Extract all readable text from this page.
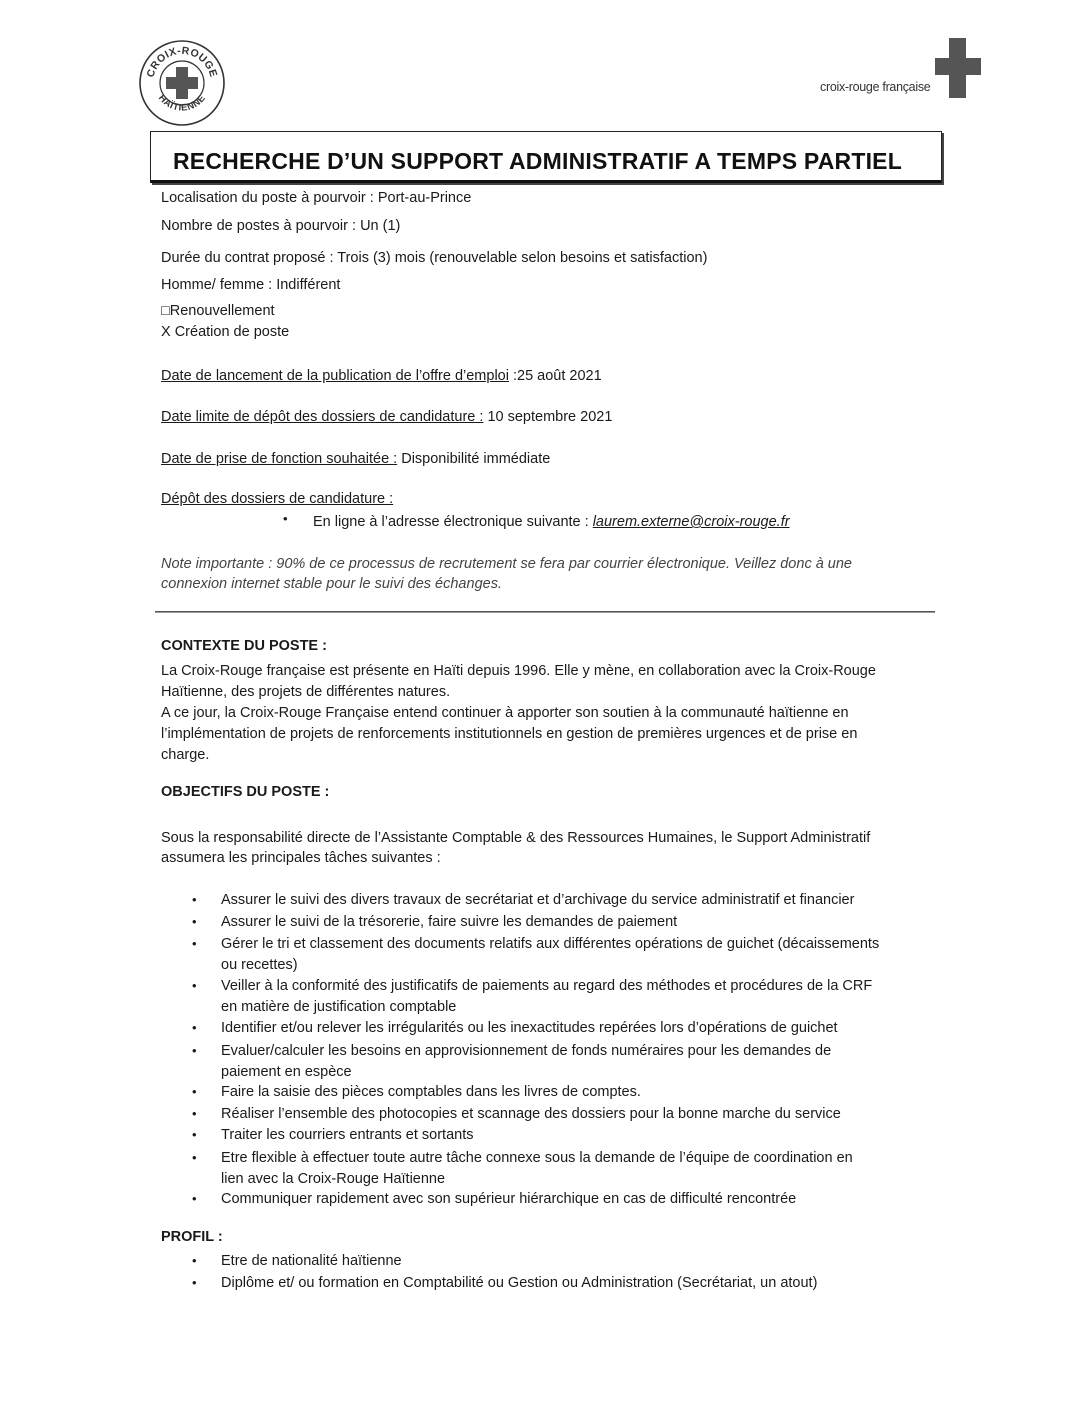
CROIX-ROUGE
HAÏTIENNE
croix-rouge française
RECHERCHE D’UN SUPPORT ADMINISTRATIF A TEMPS PARTIEL
Localisation du poste à pourvoir : Port-au-Prince
Nombre de postes à pourvoir : Un (1)
Durée du contrat proposé : Trois (3) mois (renouvelable selon besoins et satisfaction)
Homme/ femme : Indifférent
□Renouvellement
X Création de poste
Date de lancement de la publication de l’offre d’emploi :25 août 2021
Date limite de dépôt des dossiers de candidature : 10 septembre 2021
Date de prise de fonction souhaitée : Disponibilité immédiate
Dépôt des dossiers de candidature :
• En ligne à l’adresse électronique suivante : laurem.externe@croix-rouge.fr
Note importante : 90% de ce processus de recrutement se fera par courrier électronique. Veillez donc à une
connexion internet stable pour le suivi des échanges.
CONTEXTE DU POSTE :
La Croix-Rouge française est présente en Haïti depuis 1996. Elle y mène, en collaboration avec la Croix-Rouge
Haïtienne, des projets de différentes natures.
A ce jour, la Croix-Rouge Française entend continuer à apporter son soutien à la communauté haïtienne en
l’implémentation de projets de renforcements institutionnels en gestion de premières urgences et de prise en
charge.
OBJECTIFS DU POSTE :
Sous la responsabilité directe de l’Assistante Comptable & des Ressources Humaines, le Support Administratif
assumera les principales tâches suivantes :
• Assurer le suivi des divers travaux de secrétariat et d’archivage du service administratif et financier
• Assurer le suivi de la trésorerie, faire suivre les demandes de paiement
• Gérer le tri et classement des documents relatifs aux différentes opérations de guichet (décaissements
ou recettes)
• Veiller à la conformité des justificatifs de paiements au regard des méthodes et procédures de la CRF
en matière de justification comptable
• Identifier et/ou relever les irrégularités ou les inexactitudes repérées lors d’opérations de guichet
• Evaluer/calculer les besoins en approvisionnement de fonds numéraires pour les demandes de
paiement en espèce
• Faire la saisie des pièces comptables dans les livres de comptes.
• Réaliser l’ensemble des photocopies et scannage des dossiers pour la bonne marche du service
• Traiter les courriers entrants et sortants
• Etre flexible à effectuer toute autre tâche connexe sous la demande de l’équipe de coordination en
lien avec la Croix-Rouge Haïtienne
• Communiquer rapidement avec son supérieur hiérarchique en cas de difficulté rencontrée
PROFIL :
• Etre de nationalité haïtienne
• Diplôme et/ ou formation en Comptabilité ou Gestion ou Administration (Secrétariat, un atout)
